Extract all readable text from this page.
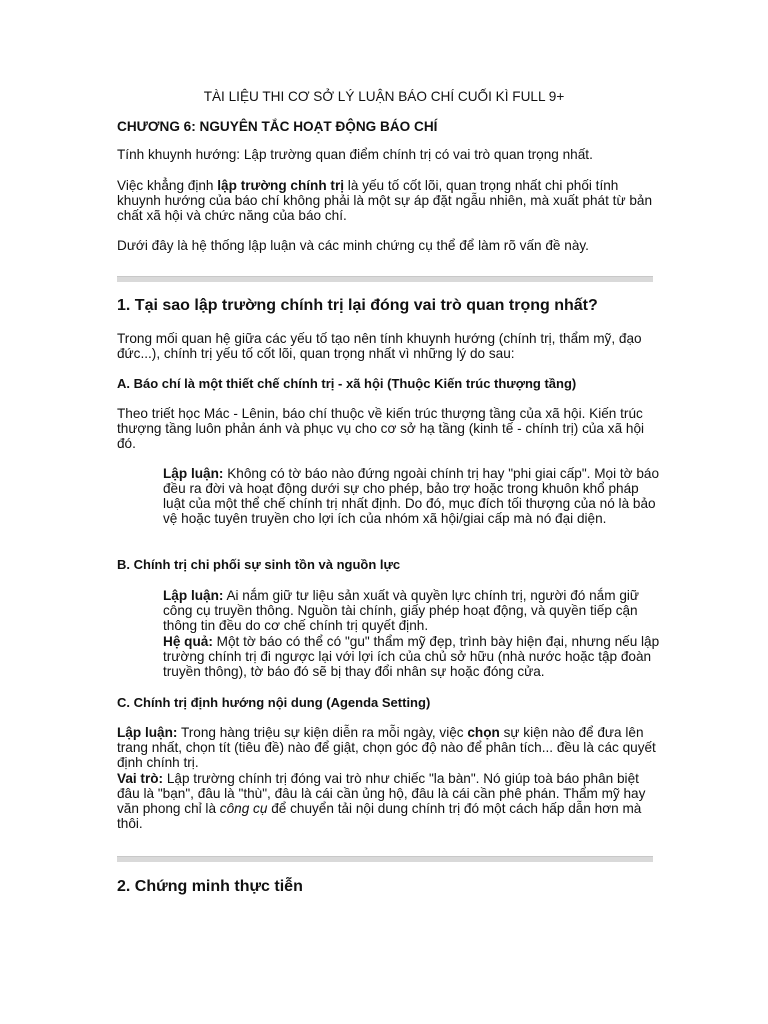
TÀI LIỆU THI CƠ SỞ LÝ LUẬN BÁO CHÍ CUỐI KÌ FULL 9+

CHƯƠNG 6: NGUYÊN TẮC HOẠT ĐỘNG BÁO CHÍ

Tính khuynh hướng: Lập trường quan điểm chính trị có vai trò quan trọng nhất.

Việc khẳng định lập trường chính trị là yếu tố cốt lõi, quan trọng nhất chi phối tính khuynh hướng của báo chí không phải là một sự áp đặt ngẫu nhiên, mà xuất phát từ bản chất xã hội và chức năng của báo chí.

Dưới đây là hệ thống lập luận và các minh chứng cụ thể để làm rõ vấn đề này.

1. Tại sao lập trường chính trị lại đóng vai trò quan trọng nhất?

Trong mối quan hệ giữa các yếu tố tạo nên tính khuynh hướng (chính trị, thẩm mỹ, đạo đức...), chính trị yếu tố cốt lõi, quan trọng nhất vì những lý do sau:

A. Báo chí là một thiết chế chính trị - xã hội (Thuộc Kiến trúc thượng tầng)

Theo triết học Mác - Lênin, báo chí thuộc về kiến trúc thượng tầng của xã hội. Kiến trúc thượng tầng luôn phản ánh và phục vụ cho cơ sở hạ tầng (kinh tế - chính trị) của xã hội đó.

Lập luận: Không có tờ báo nào đứng ngoài chính trị hay "phi giai cấp". Mọi tờ báo đều ra đời và hoạt động dưới sự cho phép, bảo trợ hoặc trong khuôn khổ pháp luật của một thể chế chính trị nhất định. Do đó, mục đích tối thượng của nó là bảo vệ hoặc tuyên truyền cho lợi ích của nhóm xã hội/giai cấp mà nó đại diện.

B. Chính trị chi phối sự sinh tồn và nguồn lực

Lập luận: Ai nắm giữ tư liệu sản xuất và quyền lực chính trị, người đó nắm giữ công cụ truyền thông. Nguồn tài chính, giấy phép hoạt động, và quyền tiếp cận thông tin đều do cơ chế chính trị quyết định.

Hệ quả: Một tờ báo có thể có "gu" thẩm mỹ đẹp, trình bày hiện đại, nhưng nếu lập trường chính trị đi ngược lại với lợi ích của chủ sở hữu (nhà nước hoặc tập đoàn truyền thông), tờ báo đó sẽ bị thay đổi nhân sự hoặc đóng cửa.

C. Chính trị định hướng nội dung (Agenda Setting)

Lập luận: Trong hàng triệu sự kiện diễn ra mỗi ngày, việc chọn sự kiện nào để đưa lên trang nhất, chọn tít (tiêu đề) nào để giật, chọn góc độ nào để phân tích... đều là các quyết định chính trị.

Vai trò: Lập trường chính trị đóng vai trò như chiếc "la bàn". Nó giúp toà báo phân biệt đâu là "bạn", đâu là "thù", đâu là cái cần ủng hộ, đâu là cái cần phê phán. Thẩm mỹ hay văn phong chỉ là công cụ để chuyển tải nội dung chính trị đó một cách hấp dẫn hơn mà thôi.

2. Chứng minh thực tiễn
